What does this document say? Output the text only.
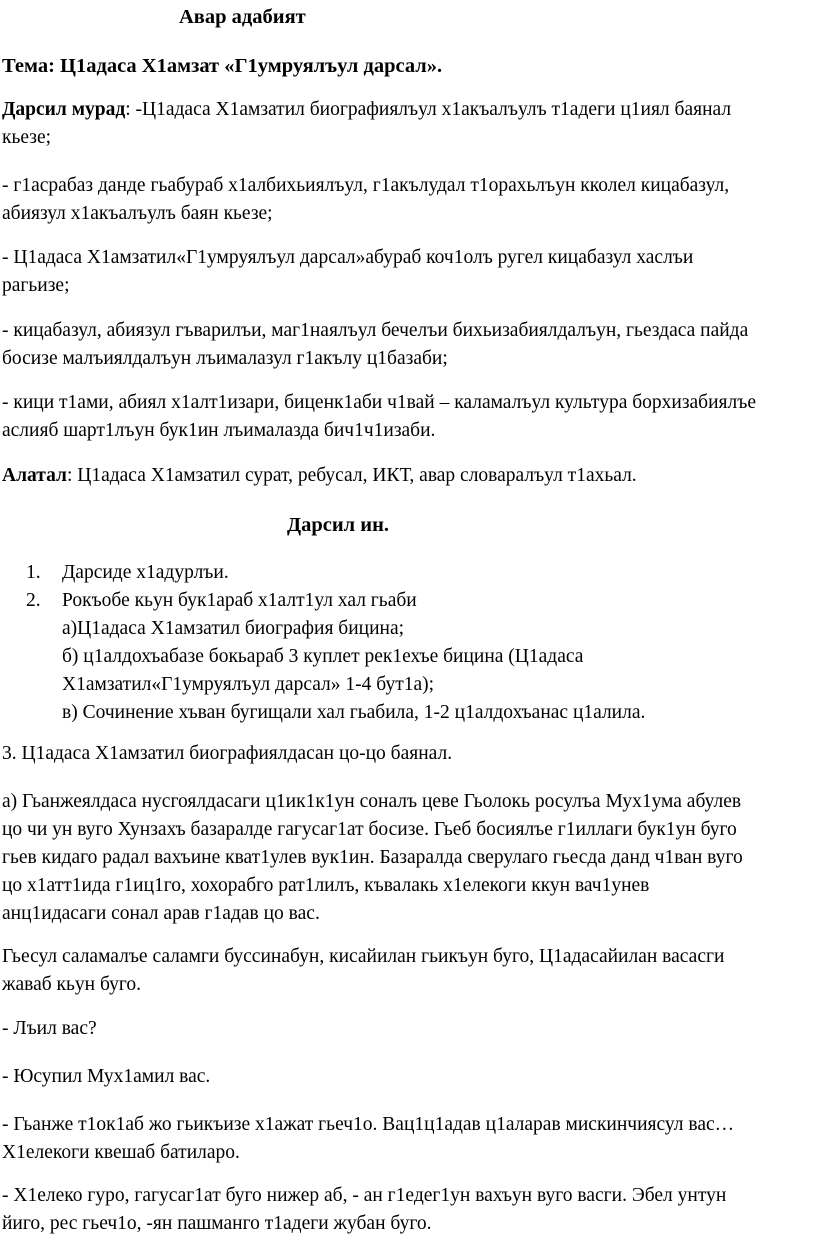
Авар адабият
Тема: Ц1адаса Х1амзат «Г1умруялъул дарсал».
Дарсил мурад: -Ц1адаса Х1амзатил биографиялъул х1акъалъулъ т1адеги ц1иял баянал
кьезе;
- г1асрабаз данде гьабураб х1албихьиялъул, г1акълудал т1орахьлъун кколел кицабазул,
абиязул х1акъалъулъ баян кьезе;
- Ц1адаса Х1амзатил«Г1умруялъул дарсал»абураб коч1олъ ругел кицабазул хаслъи
рагьизе;
- кицабазул, абиязул гъварилъи, маг1наялъул бечелъи бихьизабиялдалъун, гьездаса пайда
босизе малъиялдалъун лъималазул г1акълу ц1базаби;
- кици т1ами, абиял х1алт1изари, биценк1аби ч1вай – каламалъул культура борхизабиялъе
аслияб шарт1лъун бук1ин лъималазда бич1ч1изаби.
Алатал: Ц1адаса Х1амзатил сурат, ребусал, ИКТ, авар словаралъул т1ахьал.
Дарсил ин.
1. Дарсиде х1адурлъи.
2. Рокъобе кьун бук1араб х1алт1ул хал гьаби
а)Ц1адаса Х1амзатил биография бицина;
б) ц1алдохъабазе бокьараб 3 куплет рек1ехъе бицина (Ц1адаса
Х1амзатил«Г1умруялъул дарсал» 1-4 бут1а);
в) Сочинение хъван бугищали хал гьабила, 1-2 ц1алдохъанас ц1алила.
3. Ц1адаса Х1амзатил биографиялдасан цо-цо баянал.
а) Гьанжеялдаса нусгоялдасаги ц1ик1к1ун соналъ цеве Гьолокь росулъа Мух1ума абулев
цо чи ун вуго Хунзахъ базаралде гагусаг1ат босизе. Гьеб босиялъе г1иллаги бук1ун буго
гьев кидаго радал вахъине кват1улев вук1ин. Базаралда сверулаго гьесда данд ч1ван вуго
цо х1атт1ида г1иц1го, хохорабго рат1лилъ, къвалакь х1елекоги ккун вач1унев
анц1идасаги сонал арав г1адав цо вас.
Гьесул саламалъе саламги буссинабун, кисайилан гьикъун буго, Ц1адасайилан васасги
жаваб кьун буго.
- Лъил вас?
- Юсупил Мух1амил вас.
- Гьанже т1ок1аб жо гьикъизе х1ажат гьеч1о. Вац1ц1адав ц1аларав мискинчиясул вас…
Х1елекоги квешаб батиларо.
- Х1елеко гуро, гагусаг1ат буго нижер аб, - ан г1едег1ун вахъун вуго васги. Эбел унтун
йиго, рес гьеч1о, -ян пашманго т1адеги жубан буго.
